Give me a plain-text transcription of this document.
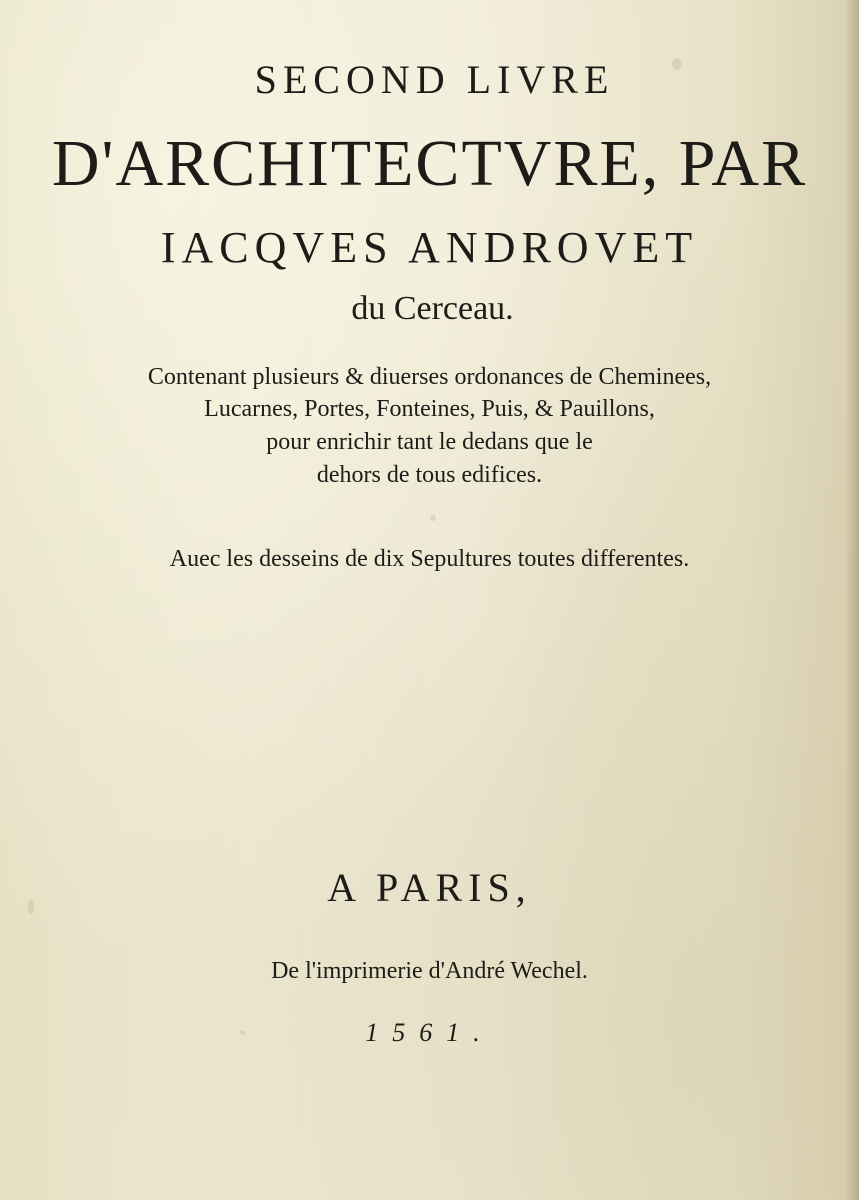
SECOND LIVRE
D'ARCHITECTVRE, PAR
IACQVES ANDROVET
du Cerceau.
Contenant plusieurs & diuerses ordonances de Cheminees,
Lucarnes, Portes, Fonteines, Puis, & Pauillons,
pour enrichir tant le dedans que le
dehors de tous edifices.
Auec les desseins de dix Sepultures toutes differentes.
A PARIS,
De l'imprimerie d'André Wechel.
1561.
